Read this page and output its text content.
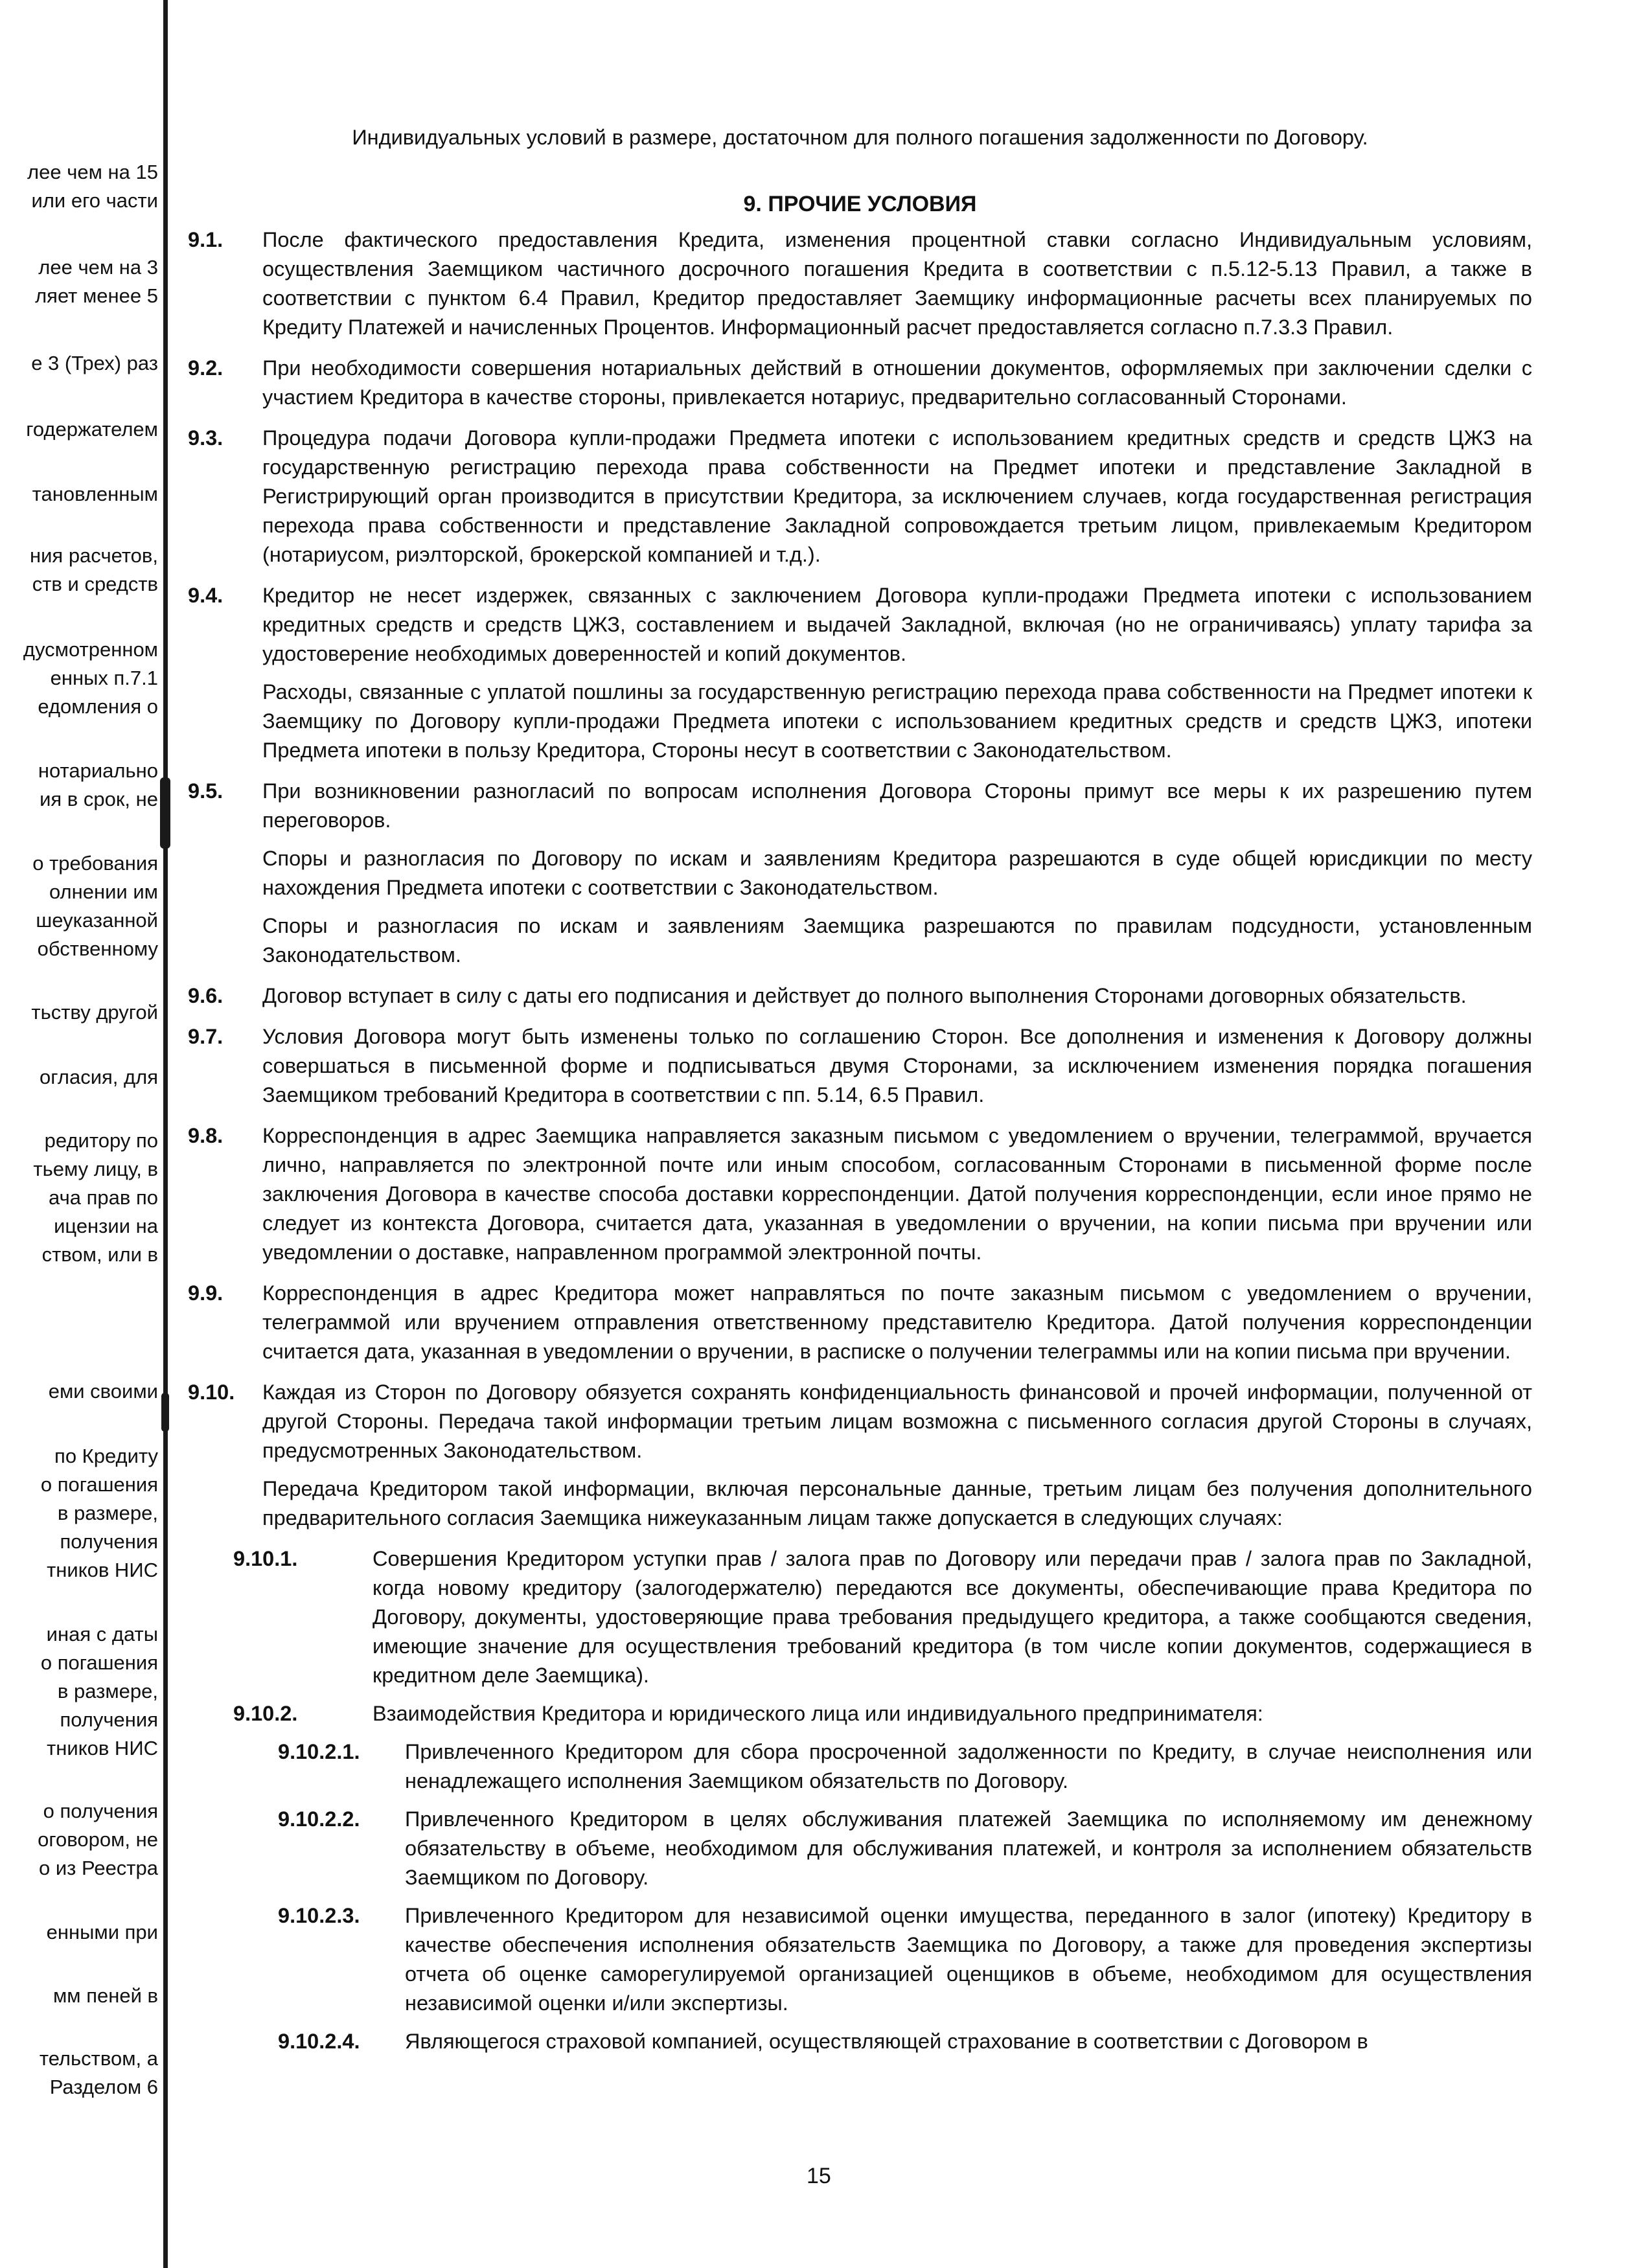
лее чем на 15
или его части
лее чем на 3
ляет менее 5
е 3 (Трех) раз
годержателем
тановленным
ния расчетов,
ств и средств
дусмотренном
енных п.7.1
едомления о
нотариально
ия в срок, не
о требования
олнении им
шеуказанной
обственному
тьству другой
огласия, для
редитору по
тьему лицу, в
ача прав по
ицензии на
ством, или в
еми своими
по Кредиту
о погашения
в размере,
получения
тников НИС
иная с даты
о погашения
в размере,
получения
тников НИС
о получения
оговором, не
о из Реестра
енными при
мм пеней в
тельством, а
Разделом 6

Индивидуальных условий в размере, достаточном для полного погашения задолженности по Договору.

9. ПРОЧИЕ УСЛОВИЯ
9.1.	После фактического предоставления Кредита, изменения процентной ставки согласно Индивидуальным условиям, осуществления Заемщиком частичного досрочного погашения Кредита в соответствии с п.5.12-5.13 Правил, а также в соответствии с пунктом 6.4 Правил, Кредитор предоставляет Заемщику информационные расчеты всех планируемых по Кредиту Платежей и начисленных Процентов. Информационный расчет предоставляется согласно п.7.3.3 Правил.

9.2.	При необходимости совершения нотариальных действий в отношении документов, оформляемых при заключении сделки с участием Кредитора в качестве стороны, привлекается нотариус, предварительно согласованный Сторонами.

9.3.	Процедура подачи Договора купли-продажи Предмета ипотеки с использованием кредитных средств и средств ЦЖЗ на государственную регистрацию перехода права собственности на Предмет ипотеки и представление Закладной в Регистрирующий орган производится в присутствии Кредитора, за исключением случаев, когда государственная регистрация перехода права собственности и представление Закладной сопровождается третьим лицом, привлекаемым Кредитором (нотариусом, риэлторской, брокерской компанией и т.д.).

9.4.	Кредитор не несет издержек, связанных с заключением Договора купли-продажи Предмета ипотеки с использованием кредитных средств и средств ЦЖЗ, составлением и выдачей Закладной, включая (но не ограничиваясь) уплату тарифа за удостоверение необходимых доверенностей и копий документов.

Расходы, связанные с уплатой пошлины за государственную регистрацию перехода права собственности на Предмет ипотеки к Заемщику по Договору купли-продажи Предмета ипотеки с использованием кредитных средств и средств ЦЖЗ, ипотеки Предмета ипотеки в пользу Кредитора, Стороны несут в соответствии с Законодательством.

9.5.	При возникновении разногласий по вопросам исполнения Договора Стороны примут все меры к их разрешению путем переговоров.

Споры и разногласия по Договору по искам и заявлениям Кредитора разрешаются в суде общей юрисдикции по месту нахождения Предмета ипотеки с соответствии с Законодательством.

Споры и разногласия по искам и заявлениям Заемщика разрешаются по правилам подсудности, установленным Законодательством.

9.6.	Договор вступает в силу с даты его подписания и действует до полного выполнения Сторонами договорных обязательств.

9.7.	Условия Договора могут быть изменены только по соглашению Сторон. Все дополнения и изменения к Договору должны совершаться в письменной форме и подписываться двумя Сторонами, за исключением изменения порядка погашения Заемщиком требований Кредитора в соответствии с пп. 5.14, 6.5 Правил.

9.8.	Корреспонденция в адрес Заемщика направляется заказным письмом с уведомлением о вручении, телеграммой, вручается лично, направляется по электронной почте или иным способом, согласованным Сторонами в письменной форме после заключения Договора в качестве способа доставки корреспонденции. Датой получения корреспонденции, если иное прямо не следует из контекста Договора, считается дата, указанная в уведомлении о вручении, на копии письма при вручении или уведомлении о доставке, направленном программой электронной почты.

9.9.	Корреспонденция в адрес Кредитора может направляться по почте заказным письмом с уведомлением о вручении, телеграммой или вручением отправления ответственному представителю Кредитора. Датой получения корреспонденции считается дата, указанная в уведомлении о вручении, в расписке о получении телеграммы или на копии письма при вручении.

9.10.	Каждая из Сторон по Договору обязуется сохранять конфиденциальность финансовой и прочей информации, полученной от другой Стороны. Передача такой информации третьим лицам возможна с письменного согласия другой Стороны в случаях, предусмотренных Законодательством.

Передача Кредитором такой информации, включая персональные данные, третьим лицам без получения дополнительного предварительного согласия Заемщика нижеуказанным лицам также допускается в следующих случаях:

9.10.1.	Совершения Кредитором уступки прав / залога прав по Договору или передачи прав / залога прав по Закладной, когда новому кредитору (залогодержателю) передаются все документы, обеспечивающие права Кредитора по Договору, документы, удостоверяющие права требования предыдущего кредитора, а также сообщаются сведения, имеющие значение для осуществления требований кредитора (в том числе копии документов, содержащиеся в кредитном деле Заемщика).

9.10.2.	Взаимодействия Кредитора и юридического лица или индивидуального предпринимателя:

9.10.2.1. Привлеченного Кредитором для сбора просроченной задолженности по Кредиту, в случае неисполнения или ненадлежащего исполнения Заемщиком обязательств по Договору.

9.10.2.2. Привлеченного Кредитором в целях обслуживания платежей Заемщика по исполняемому им денежному обязательству в объеме, необходимом для обслуживания платежей, и контроля за исполнением обязательств Заемщиком по Договору.

9.10.2.3. Привлеченного Кредитором для независимой оценки имущества, переданного в залог (ипотеку) Кредитору в качестве обеспечения исполнения обязательств Заемщика по Договору, а также для проведения экспертизы отчета об оценке саморегулируемой организацией оценщиков в объеме, необходимом для осуществления независимой оценки и/или экспертизы.

9.10.2.4. Являющегося страховой компанией, осуществляющей страхование в соответствии с Договором в

15
